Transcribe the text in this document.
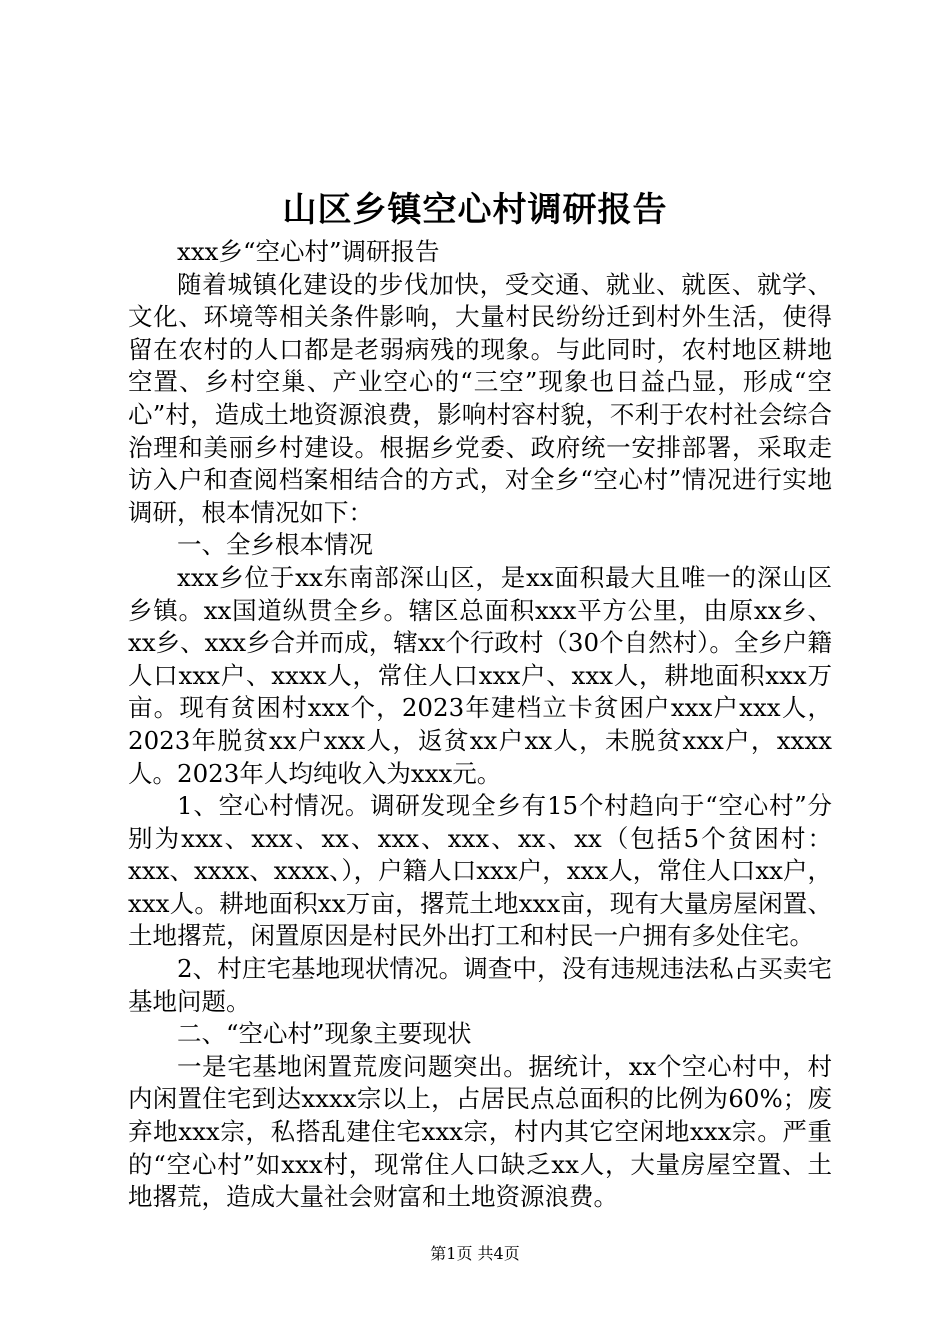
山区乡镇空心村调研报告

xxx乡“空心村”调研报告

随着城镇化建设的步伐加快，受交通、就业、就医、就学、文化、环境等相关条件影响，大量村民纷纷迁到村外生活，使得留在农村的人口都是老弱病残的现象。与此同时，农村地区耕地空置、乡村空巢、产业空心的“三空”现象也日益凸显，形成“空心”村，造成土地资源浪费，影响村容村貌，不利于农村社会综合治理和美丽乡村建设。根据乡党委、政府统一安排部署，采取走访入户和查阅档案相结合的方式，对全乡“空心村”情况进行实地调研，根本情况如下：

一、全乡根本情况

xxx乡位于xx东南部深山区，是xx面积最大且唯一的深山区乡镇。xx国道纵贯全乡。辖区总面积xxx平方公里，由原xx乡、xx乡、xxx乡合并而成，辖xx个行政村（30个自然村）。全乡户籍人口xxx户、xxxx人，常住人口xxx户、xxx人，耕地面积xxx万亩。现有贫困村xxx个，2023年建档立卡贫困户xxx户xxx人，2023年脱贫xx户xxx人，返贫xx户xx人，未脱贫xxx户，xxxx人。2023年人均纯收入为xxx元。

1、空心村情况。调研发现全乡有15个村趋向于“空心村”分别为xxx、xxx、xx、xxx、xxx、xx、xx（包括5个贫困村：xxx、xxxx、xxxx、），户籍人口xxx户，xxx人，常住人口xx户，xxx人。耕地面积xx万亩，撂荒土地xxx亩，现有大量房屋闲置、土地撂荒，闲置原因是村民外出打工和村民一户拥有多处住宅。

2、村庄宅基地现状情况。调查中，没有违规违法私占买卖宅基地问题。

二、“空心村”现象主要现状

一是宅基地闲置荒废问题突出。据统计，xx个空心村中，村内闲置住宅到达xxxx宗以上，占居民点总面积的比例为60%；废弃地xxx宗，私搭乱建住宅xxx宗，村内其它空闲地xxx宗。严重的“空心村”如xxx村，现常住人口缺乏xx人，大量房屋空置、土地撂荒，造成大量社会财富和土地资源浪费。

第1页 共4页
